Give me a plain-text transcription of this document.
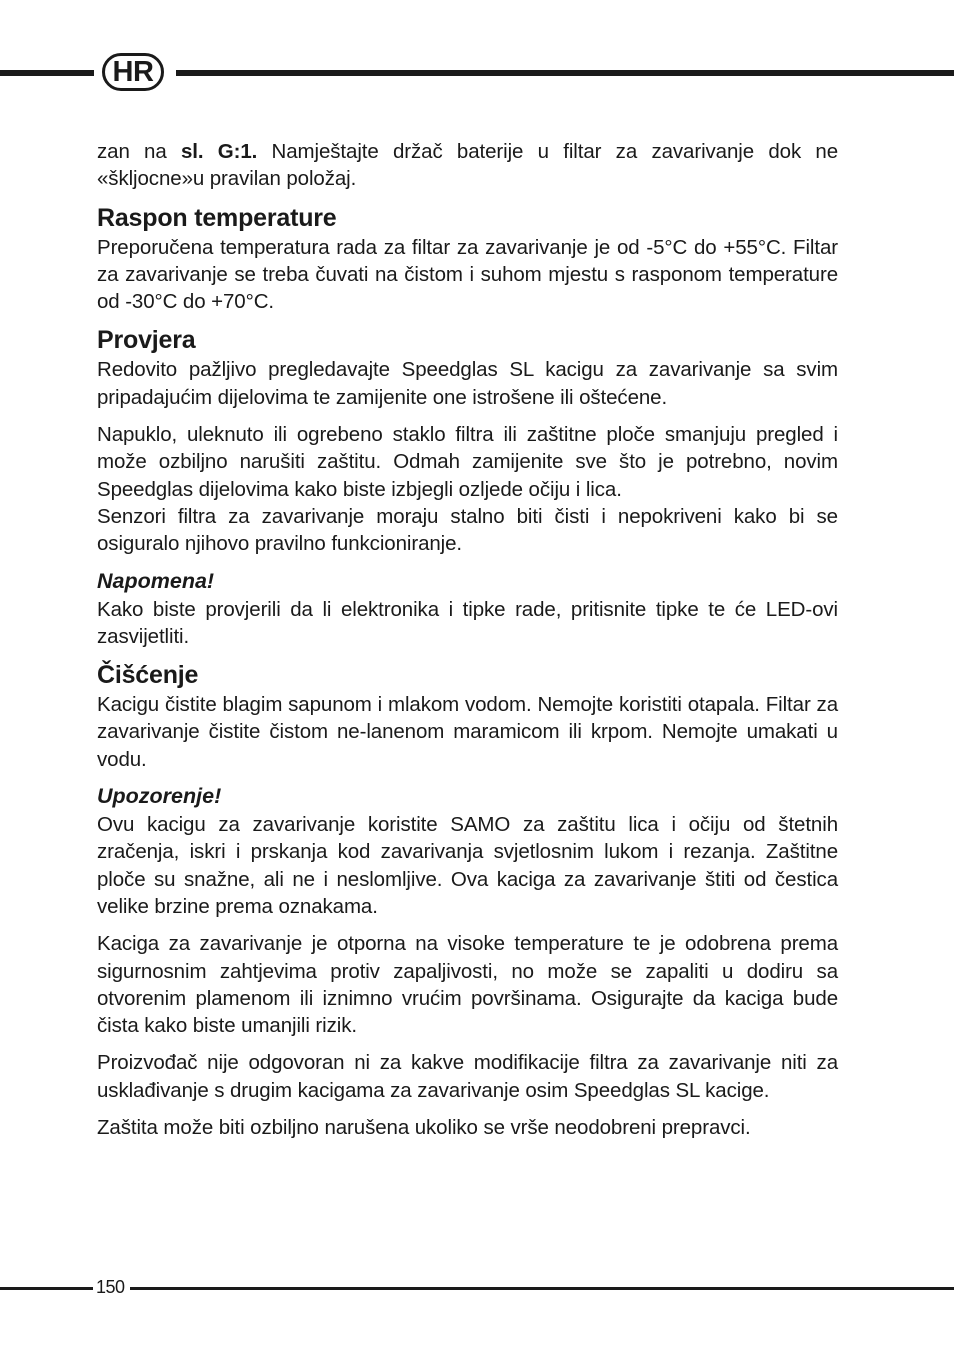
HR

zan na sl. G:1. Namještajte držač baterije u filtar za zavarivanje dok ne «škljocne»u pravilan položaj.

Raspon temperature

Preporučena temperatura rada za filtar za zavarivanje je od -5°C do +55°C. Filtar za zavarivanje se treba čuvati na čistom i suhom mjestu s rasponom temperature od -30°C do +70°C.

Provjera

Redovito pažljivo pregledavajte Speedglas SL kacigu za zavarivanje sa svim pripadajućim dijelovima te zamijenite one istrošene ili oštećene.

Napuklo, uleknuto ili ogrebeno staklo filtra ili zaštitne ploče smanjuju pregled i može ozbiljno narušiti zaštitu. Odmah zamijenite sve što je potrebno, novim Speedglas dijelovima kako biste izbjegli ozljede očiju i lica.

Senzori filtra za zavarivanje moraju stalno biti čisti i nepokriveni kako bi se osiguralo njihovo pravilno funkcioniranje.

Napomena!

Kako biste provjerili da li elektronika i tipke rade, pritisnite tipke te će LED-ovi zasvijetliti.

Čišćenje

Kacigu čistite blagim sapunom i mlakom vodom. Nemojte koristiti otapala. Filtar za zavarivanje čistite čistom ne-lanenom maramicom ili krpom. Nemojte umakati u vodu.

Upozorenje!

Ovu kacigu za zavarivanje koristite SAMO za zaštitu lica i očiju od štetnih zračenja, iskri i prskanja kod zavarivanja svjetlosnim lukom i rezanja. Zaštitne ploče su snažne, ali ne i neslomljive. Ova kaciga za zavarivanje štiti od čestica velike brzine prema oznakama.

Kaciga za zavarivanje je otporna na visoke temperature te je odobrena prema sigurnosnim zahtjevima protiv zapaljivosti, no može se zapaliti u dodiru sa otvorenim plamenom ili iznimno vrućim površinama. Osigurajte da kaciga bude čista kako biste umanjili rizik.

Proizvođač nije odgovoran ni za kakve modifikacije filtra za zavarivanje niti za usklađivanje s drugim kacigama za zavarivanje osim Speedglas SL kacige.

Zaštita može biti ozbiljno narušena ukoliko se vrše neodobreni prepravci.

150
